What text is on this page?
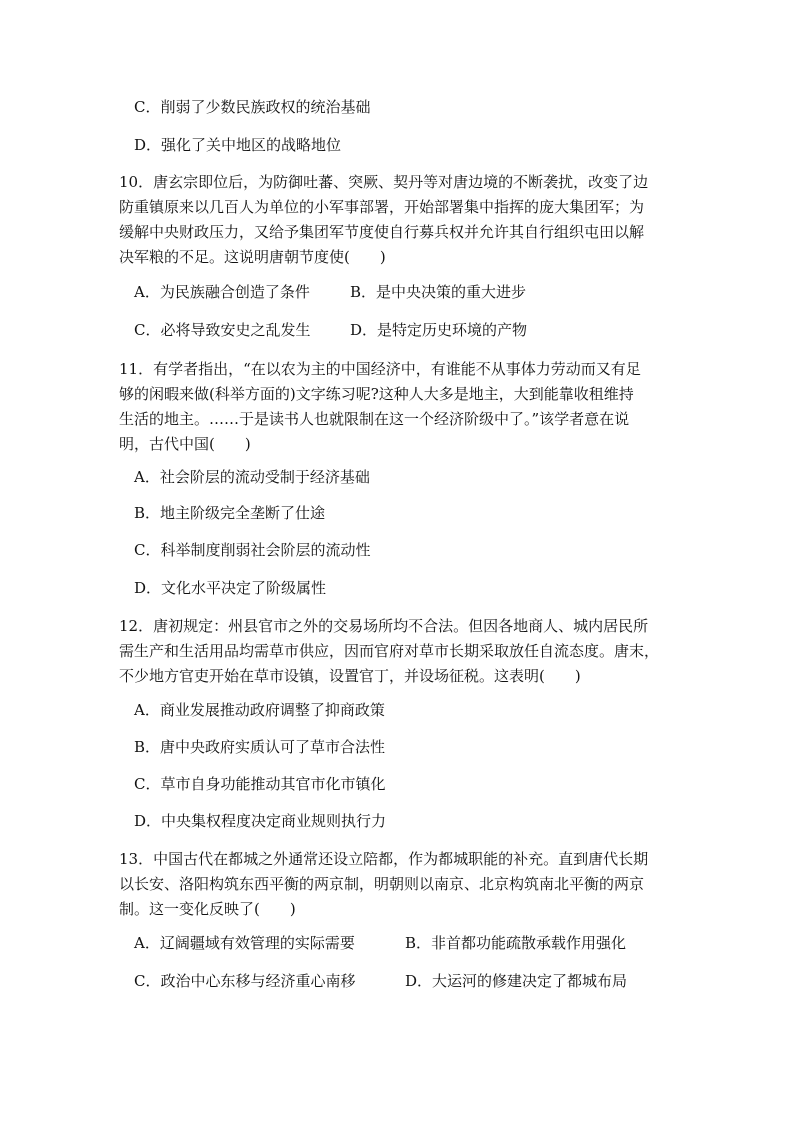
C．削弱了少数民族政权的统治基础
D．强化了关中地区的战略地位
10．唐玄宗即位后，为防御吐蕃、突厥、契丹等对唐边境的不断袭扰，改变了边
防重镇原来以几百人为单位的小军事部署，开始部署集中指挥的庞大集团军；为
缓解中央财政压力，又给予集团军节度使自行募兵权并允许其自行组织屯田以解
决军粮的不足。这说明唐朝节度使(　　)
A．为民族融合创造了条件	B．是中央决策的重大进步
C．必将导致安史之乱发生	D．是特定历史环境的产物
11．有学者指出，“在以农为主的中国经济中，有谁能不从事体力劳动而又有足
够的闲暇来做(科举方面的)文字练习呢?这种人大多是地主，大到能靠收租维持
生活的地主。……于是读书人也就限制在这一个经济阶级中了。”该学者意在说
明，古代中国(　　)
A．社会阶层的流动受制于经济基础
B．地主阶级完全垄断了仕途
C．科举制度削弱社会阶层的流动性
D．文化水平决定了阶级属性
12．唐初规定：州县官市之外的交易场所均不合法。但因各地商人、城内居民所
需生产和生活用品均需草市供应，因而官府对草市长期采取放任自流态度。唐末，
不少地方官吏开始在草市设镇，设置官丁，并设场征税。这表明(　　)
A．商业发展推动政府调整了抑商政策
B．唐中央政府实质认可了草市合法性
C．草市自身功能推动其官市化市镇化
D．中央集权程度决定商业规则执行力
13．中国古代在都城之外通常还设立陪都，作为都城职能的补充。直到唐代长期
以长安、洛阳构筑东西平衡的两京制，明朝则以南京、北京构筑南北平衡的两京
制。这一变化反映了(　　)
A．辽阔疆域有效管理的实际需要	B．非首都功能疏散承载作用强化
C．政治中心东移与经济重心南移	D．大运河的修建决定了都城布局
